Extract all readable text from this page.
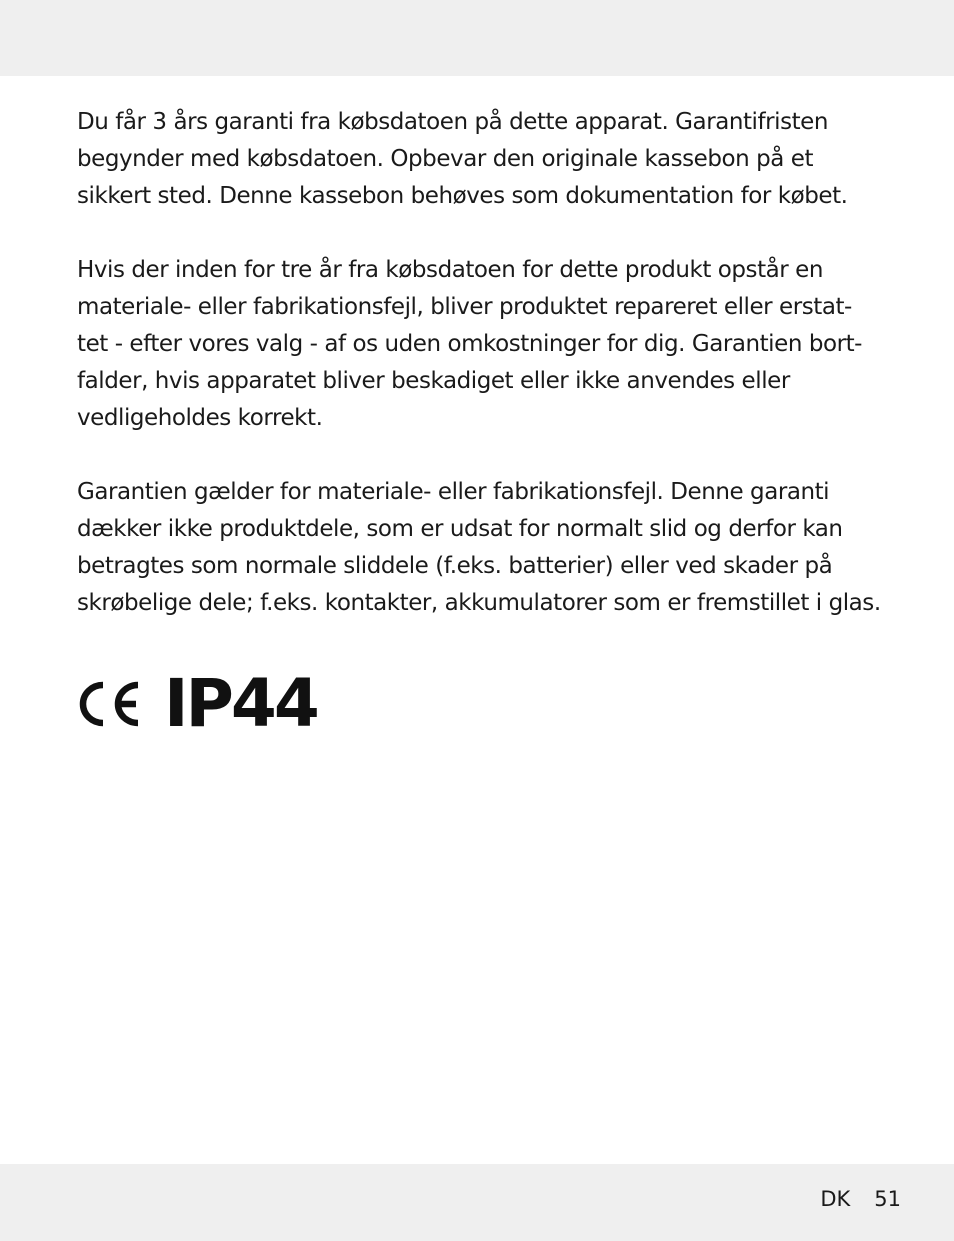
Du får 3 års garanti fra købsdatoen på dette apparat. Garantifristen
begynder med købsdatoen. Opbevar den originale kassebon på et
sikkert sted. Denne kassebon behøves som dokumentation for købet.

Hvis der inden for tre år fra købsdatoen for dette produkt opstår en
materiale- eller fabrikationsfejl, bliver produktet repareret eller erstat-
tet - efter vores valg - af os uden omkostninger for dig. Garantien bort-
falder, hvis apparatet bliver beskadiget eller ikke anvendes eller
vedligeholdes korrekt.

Garantien gælder for materiale- eller fabrikationsfejl. Denne garanti
dækker ikke produktdele, som er udsat for normalt slid og derfor kan
betragtes som normale sliddele (f.eks. batterier) eller ved skader på
skrøbelige dele; f.eks. kontakter, akkumulatorer som er fremstillet i glas.

IP44
DK 51
